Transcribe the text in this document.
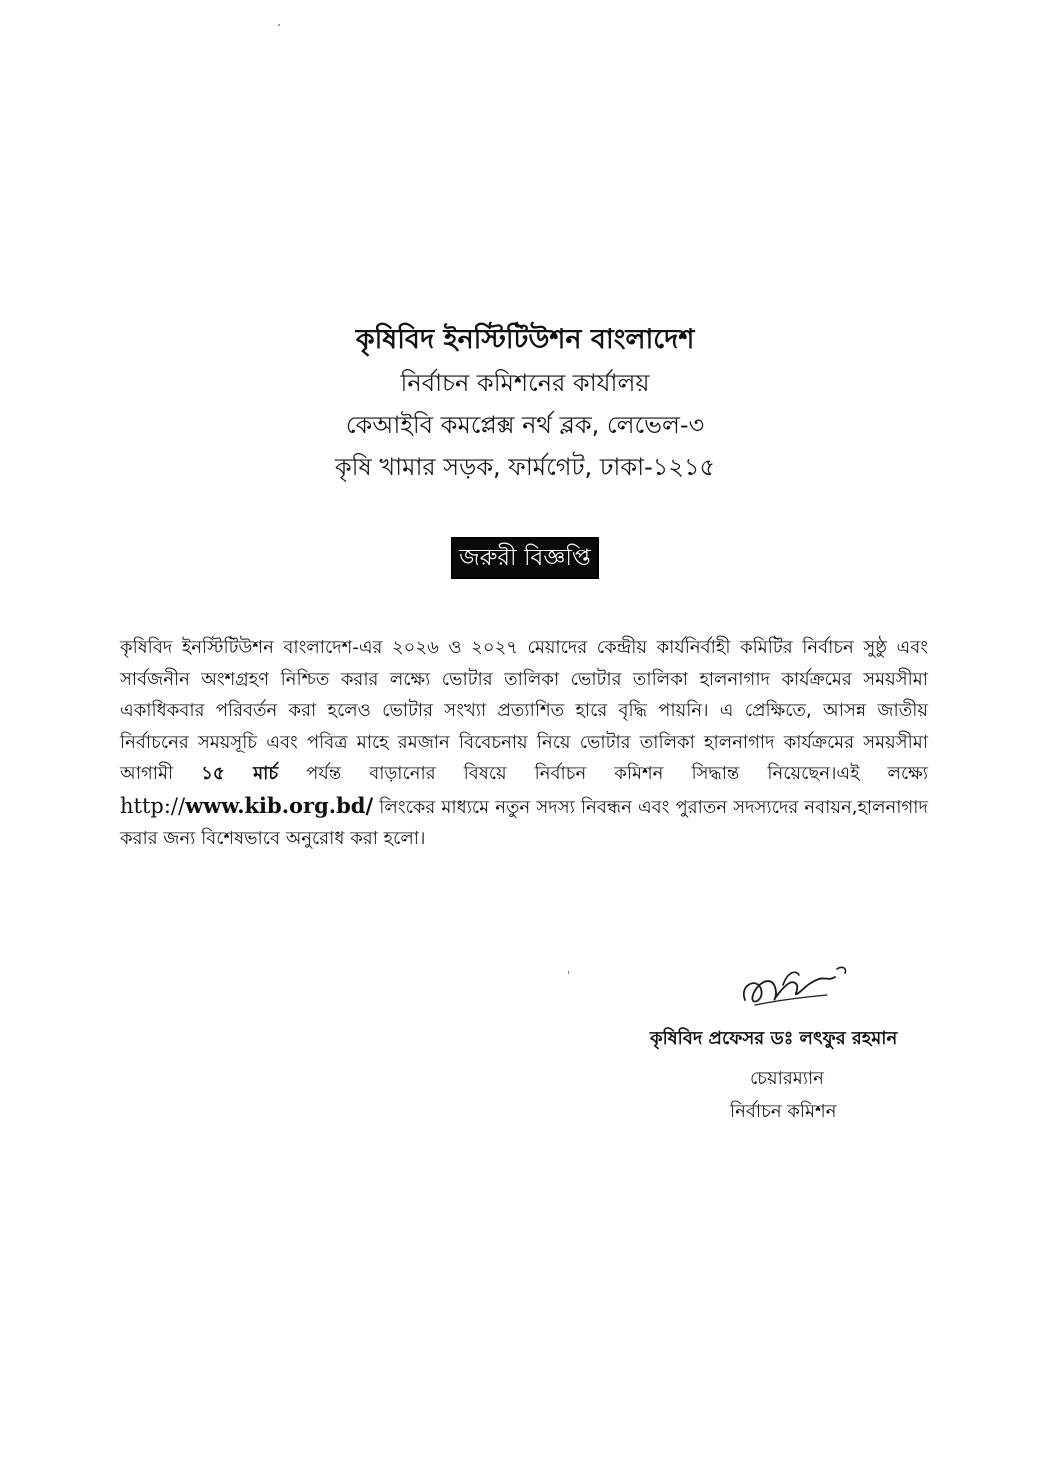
কৃষিবিদ ইনস্টিটিউশন বাংলাদেশ
নির্বাচন কমিশনের কার্যালয়
কেআইবি কমপ্লেক্স নর্থ ব্লক, লেভেল-৩
কৃষি খামার সড়ক, ফার্মগেট, ঢাকা-১২১৫
জরুরী বিজ্ঞপ্তি
কৃষিবিদ ইনস্টিটিউশন বাংলাদেশ-এর ২০২৬ ও ২০২৭ মেয়াদের কেন্দ্রীয় কার্যনির্বাহী কমিটির নির্বাচন সুষ্ঠু এবং সার্বজনীন অংশগ্রহণ নিশ্চিত করার লক্ষ্যে ভোটার তালিকা ভোটার তালিকা হালনাগাদ কার্যক্রমের সময়সীমা একাধিকবার পরিবর্তন করা হলেও ভোটার সংখ্যা প্রত্যাশিত হারে বৃদ্ধি পায়নি। এ প্রেক্ষিতে, আসন্ন জাতীয় নির্বাচনের সময়সূচি এবং পবিত্র মাহে রমজান বিবেচনায় নিয়ে ভোটার তালিকা হালনাগাদ কার্যক্রমের সময়সীমা আগামী ১৫ মার্চ পর্যন্ত বাড়ানোর বিষয়ে নির্বাচন কমিশন সিদ্ধান্ত নিয়েছেন।এই লক্ষ্যে http://www.kib.org.bd/ লিংকের মাধ্যমে নতুন সদস্য নিবন্ধন এবং পুরাতন সদস্যদের নবায়ন,হালনাগাদ করার জন্য বিশেষভাবে অনুরোধ করা হলো।
কৃষিবিদ প্রফেসর ডঃ লৎফুর রহমান
চেয়ারম্যান
নির্বাচন কমিশন
